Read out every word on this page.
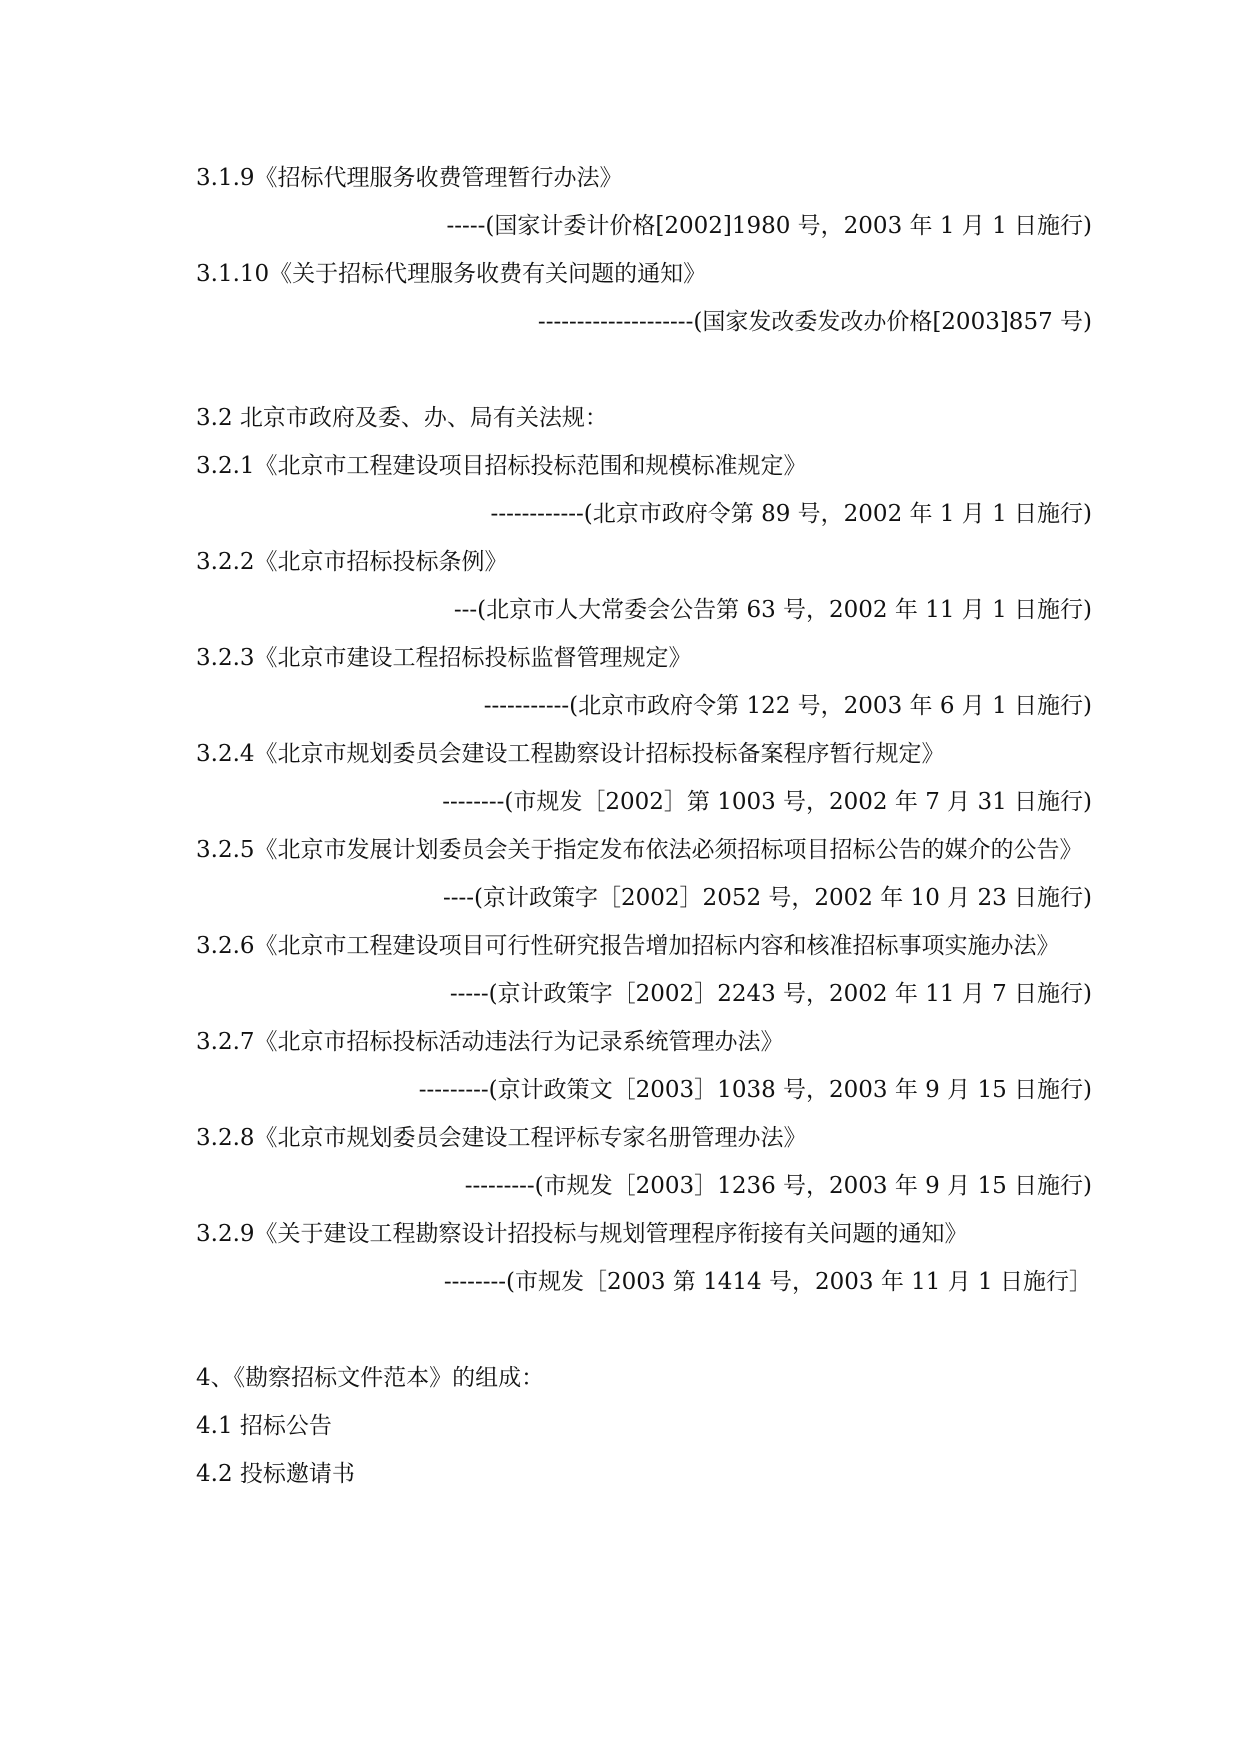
3.1.9《招标代理服务收费管理暂行办法》
-----(国家计委计价格[2002]1980 号，2003 年 1 月 1 日施行)
3.1.10《关于招标代理服务收费有关问题的通知》
--------------------(国家发改委发改办价格[2003]857 号)
3.2 北京市政府及委、办、局有关法规：
3.2.1《北京市工程建设项目招标投标范围和规模标准规定》
------------(北京市政府令第 89 号，2002 年 1 月 1 日施行)
3.2.2《北京市招标投标条例》
---(北京市人大常委会公告第 63 号，2002 年 11 月 1 日施行)
3.2.3《北京市建设工程招标投标监督管理规定》
-----------(北京市政府令第 122 号，2003 年 6 月 1 日施行)
3.2.4《北京市规划委员会建设工程勘察设计招标投标备案程序暂行规定》
--------(市规发［2002］第 1003 号，2002 年 7 月 31 日施行)
3.2.5《北京市发展计划委员会关于指定发布依法必须招标项目招标公告的媒介的公告》
----(京计政策字［2002］2052 号，2002 年 10 月 23 日施行)
3.2.6《北京市工程建设项目可行性研究报告增加招标内容和核准招标事项实施办法》
-----(京计政策字［2002］2243 号，2002 年 11 月 7 日施行)
3.2.7《北京市招标投标活动违法行为记录系统管理办法》
---------(京计政策文［2003］1038 号，2003 年 9 月 15 日施行)
3.2.8《北京市规划委员会建设工程评标专家名册管理办法》
---------(市规发［2003］1236 号，2003 年 9 月 15 日施行)
3.2.9《关于建设工程勘察设计招投标与规划管理程序衔接有关问题的通知》
--------(市规发［2003 第 1414 号，2003 年 11 月 1 日施行］
4、《勘察招标文件范本》的组成：
4.1 招标公告
4.2 投标邀请书
